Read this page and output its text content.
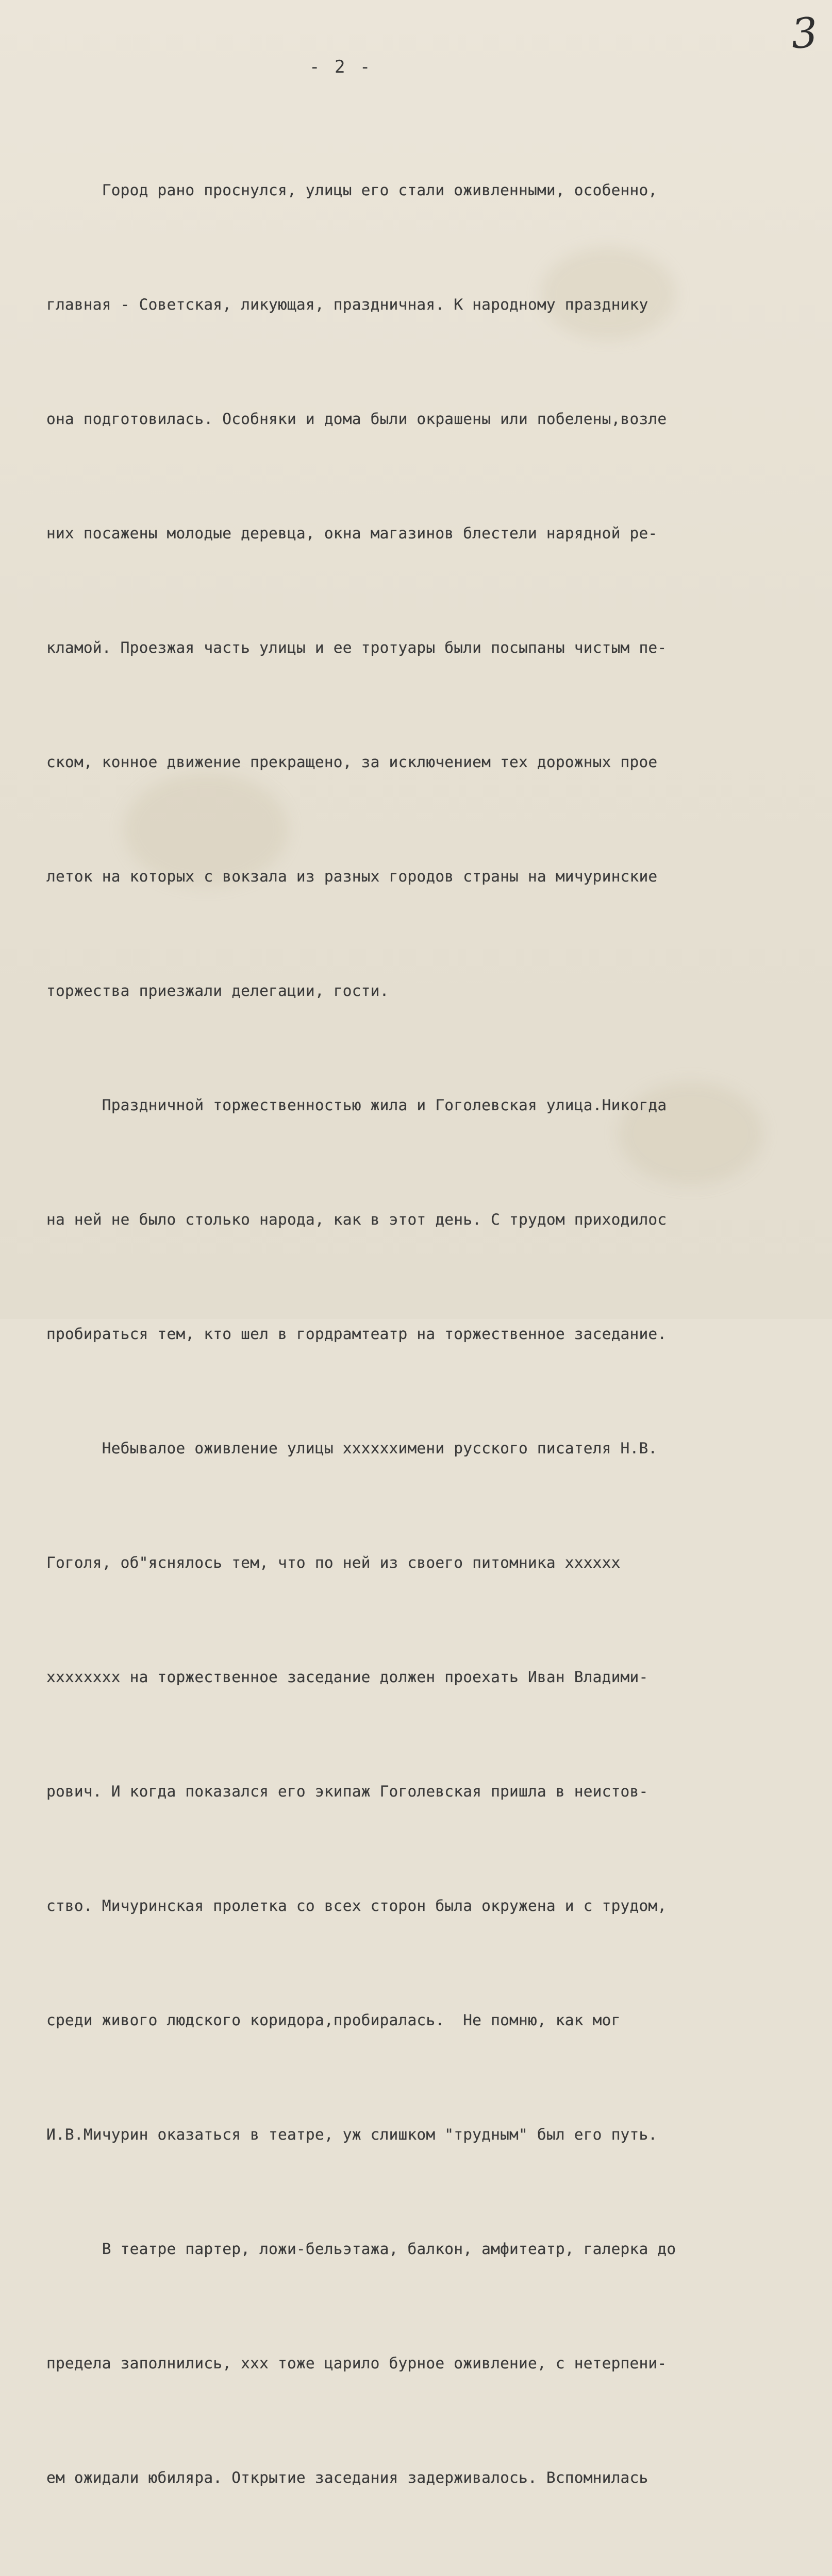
3
- 2 -

Город рано проснулся, улицы его стали оживленными, особенно,

главная - Советская, ликующая, праздничная. К народному празднику

она подготовилась. Особняки и дома были окрашены или побелены,возле

них посажены молодые деревца, окна магазинов блестели нарядной ре-

кламой. Проезжая часть улицы и ее тротуары были посыпаны чистым пе-

ском, конное движение прекращено, за исключением тех дорожных прое

леток на которых с вокзала из разных городов страны на мичуринские

торжества приезжали делегации, гости.

Праздничной торжественностью жила и Гоголевская улица.Никогда

на ней не было столько народа, как в этот день. С трудом приходилос

пробираться тем, кто шел в гордрамтеатр на торжественное заседание.

Небывалое оживление улицы ххххххимени русского писателя Н.В.

Гоголя, об"яснялось тем, что по ней из своего питомника хххххх

хххххххх на торжественное заседание должен проехать Иван Владими-

рович. И когда показался его экипаж Гоголевская пришла в неистов-

ство. Мичуринская пролетка со всех сторон была окружена и с трудом,

среди живого людского коридора,пробиралась.  Не помню, как мог

И.В.Мичурин оказаться в театре, уж слишком "трудным" был его путь.

В театре партер, ложи-бельэтажа, балкон, амфитеатр, галерка до

предела заполнились, ххх тоже царило бурное оживление, с нетерпени-

ем ожидали юбиляра. Открытие заседания задерживалось. Вспомнилась
